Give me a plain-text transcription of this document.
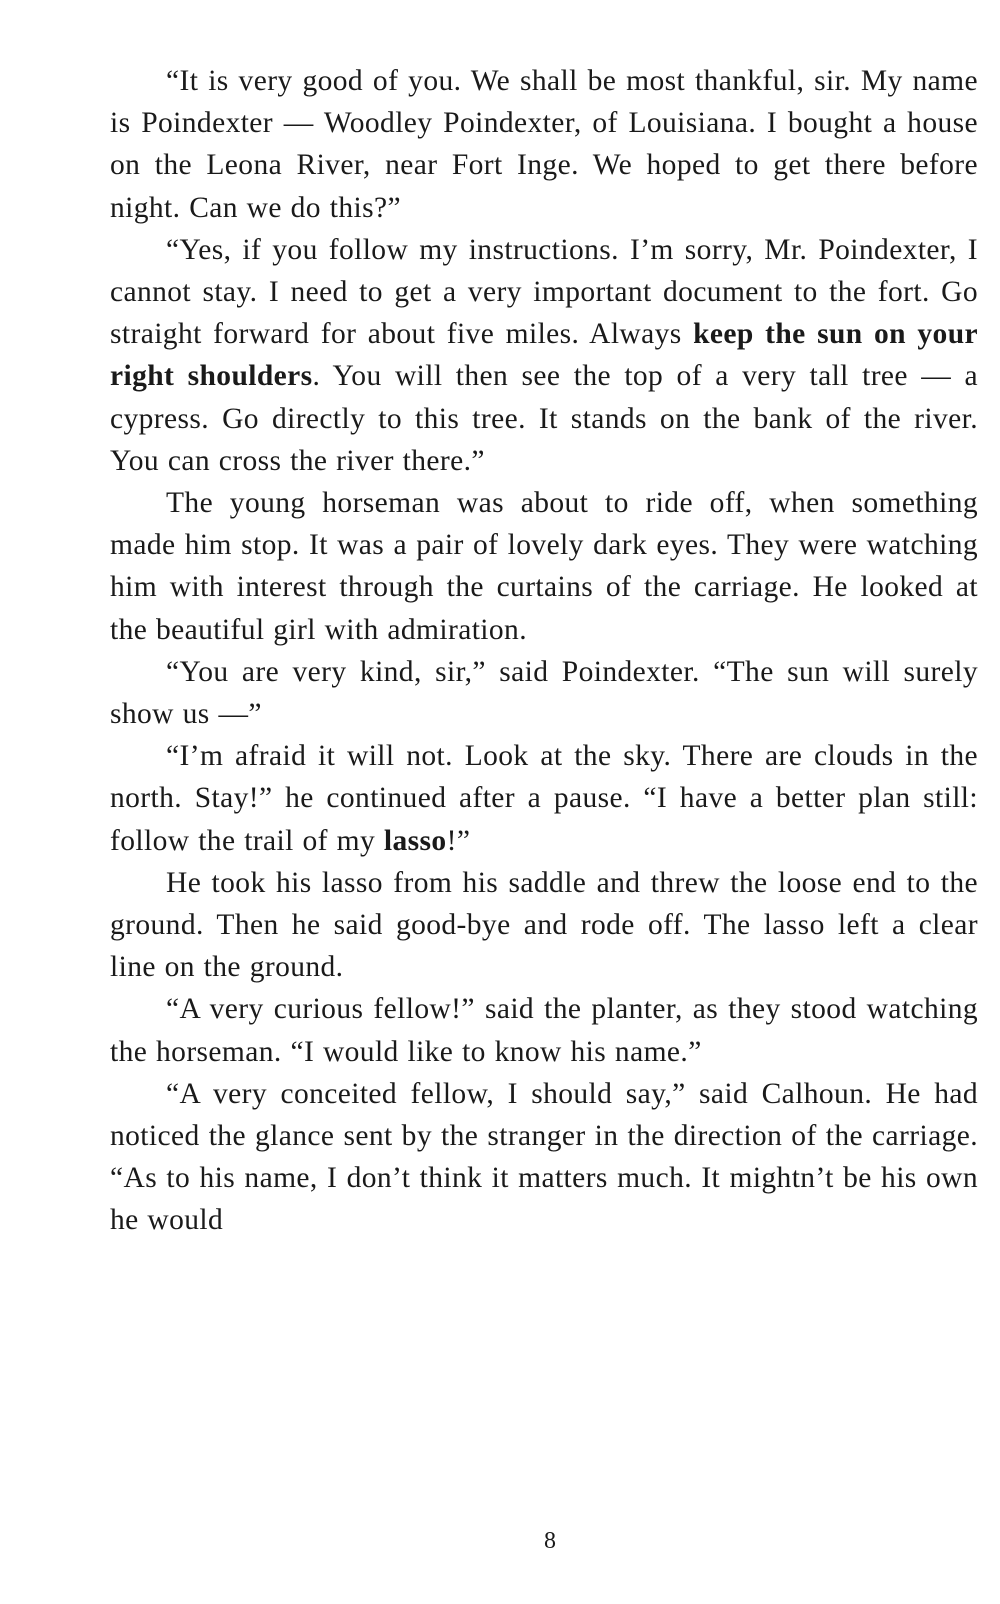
“It is very good of you. We shall be most thankful, sir. My name is Poindexter — Woodley Poindexter, of Louisiana. I bought a house on the Leona River, near Fort Inge. We hoped to get there before night. Can we do this?”

“Yes, if you follow my instructions. I’m sorry, Mr. Poindexter, I cannot stay. I need to get a very important document to the fort. Go straight forward for about five miles. Always keep the sun on your right shoulders. You will then see the top of a very tall tree — a cypress. Go directly to this tree. It stands on the bank of the river. You can cross the river there.”

The young horseman was about to ride off, when something made him stop. It was a pair of lovely dark eyes. They were watching him with interest through the curtains of the carriage. He looked at the beautiful girl with admiration.

“You are very kind, sir,” said Poindexter. “The sun will surely show us —”

“I’m afraid it will not. Look at the sky. There are clouds in the north. Stay!” he continued after a pause. “I have a better plan still: follow the trail of my lasso!”

He took his lasso from his saddle and threw the loose end to the ground. Then he said good-bye and rode off. The lasso left a clear line on the ground.

“A very curious fellow!” said the planter, as they stood watching the horseman. “I would like to know his name.”

“A very conceited fellow, I should say,” said Calhoun. He had noticed the glance sent by the stranger in the direction of the carriage. “As to his name, I don’t think it matters much. It mightn’t be his own he would

8
